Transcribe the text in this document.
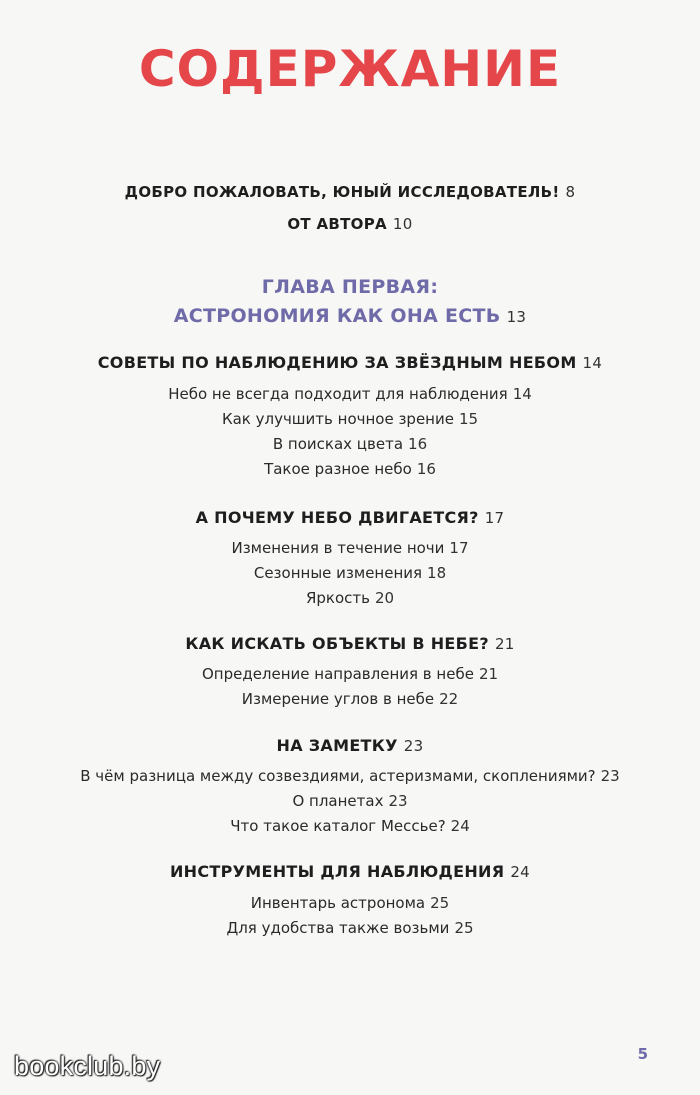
СОДЕРЖАНИЕ
ДОБРО ПОЖАЛОВАТЬ, ЮНЫЙ ИССЛЕДОВАТЕЛЬ! 8
ОТ АВТОРА 10
ГЛАВА ПЕРВАЯ:
АСТРОНОМИЯ КАК ОНА ЕСТЬ 13
СОВЕТЫ ПО НАБЛЮДЕНИЮ ЗА ЗВЁЗДНЫМ НЕБОМ 14
Небо не всегда подходит для наблюдения 14
Как улучшить ночное зрение 15
В поисках цвета 16
Такое разное небо 16
А ПОЧЕМУ НЕБО ДВИГАЕТСЯ? 17
Изменения в течение ночи 17
Сезонные изменения 18
Яркость 20
КАК ИСКАТЬ ОБЪЕКТЫ В НЕБЕ? 21
Определение направления в небе 21
Измерение углов в небе 22
НА ЗАМЕТКУ 23
В чём разница между созвездиями, астеризмами, скоплениями? 23
О планетах 23
Что такое каталог Мессье? 24
ИНСТРУМЕНТЫ ДЛЯ НАБЛЮДЕНИЯ 24
Инвентарь астронома 25
Для удобства также возьми 25
5
bookclub.by
